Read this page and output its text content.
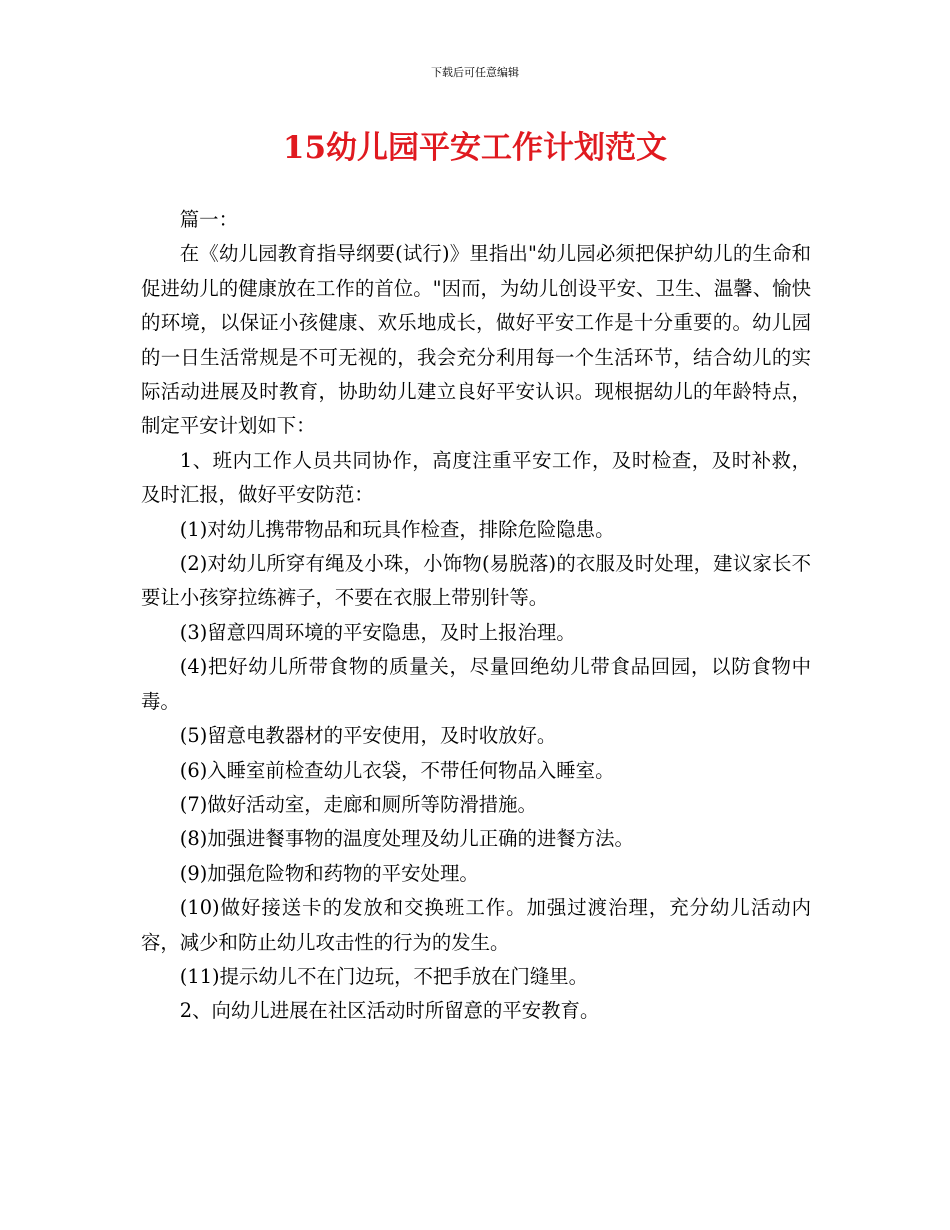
下载后可任意编辑
15幼儿园平安工作计划范文

篇一：

在《幼儿园教育指导纲要(试行)》里指出"幼儿园必须把保护幼儿的生命和促进幼儿的健康放在工作的首位。"因而，为幼儿创设平安、卫生、温馨、愉快的环境，以保证小孩健康、欢乐地成长，做好平安工作是十分重要的。幼儿园的一日生活常规是不可无视的，我会充分利用每一个生活环节，结合幼儿的实际活动进展及时教育，协助幼儿建立良好平安认识。现根据幼儿的年龄特点，制定平安计划如下：

1、班内工作人员共同协作，高度注重平安工作，及时检查，及时补救，及时汇报，做好平安防范：

(1)对幼儿携带物品和玩具作检查，排除危险隐患。

(2)对幼儿所穿有绳及小珠，小饰物(易脱落)的衣服及时处理，建议家长不要让小孩穿拉练裤子，不要在衣服上带别针等。

(3)留意四周环境的平安隐患，及时上报治理。

(4)把好幼儿所带食物的质量关，尽量回绝幼儿带食品回园，以防食物中毒。

(5)留意电教器材的平安使用，及时收放好。

(6)入睡室前检查幼儿衣袋，不带任何物品入睡室。

(7)做好活动室，走廊和厕所等防滑措施。

(8)加强进餐事物的温度处理及幼儿正确的进餐方法。

(9)加强危险物和药物的平安处理。

(10)做好接送卡的发放和交换班工作。加强过渡治理，充分幼儿活动内容，减少和防止幼儿攻击性的行为的发生。

(11)提示幼儿不在门边玩，不把手放在门缝里。

2、向幼儿进展在社区活动时所留意的平安教育。
